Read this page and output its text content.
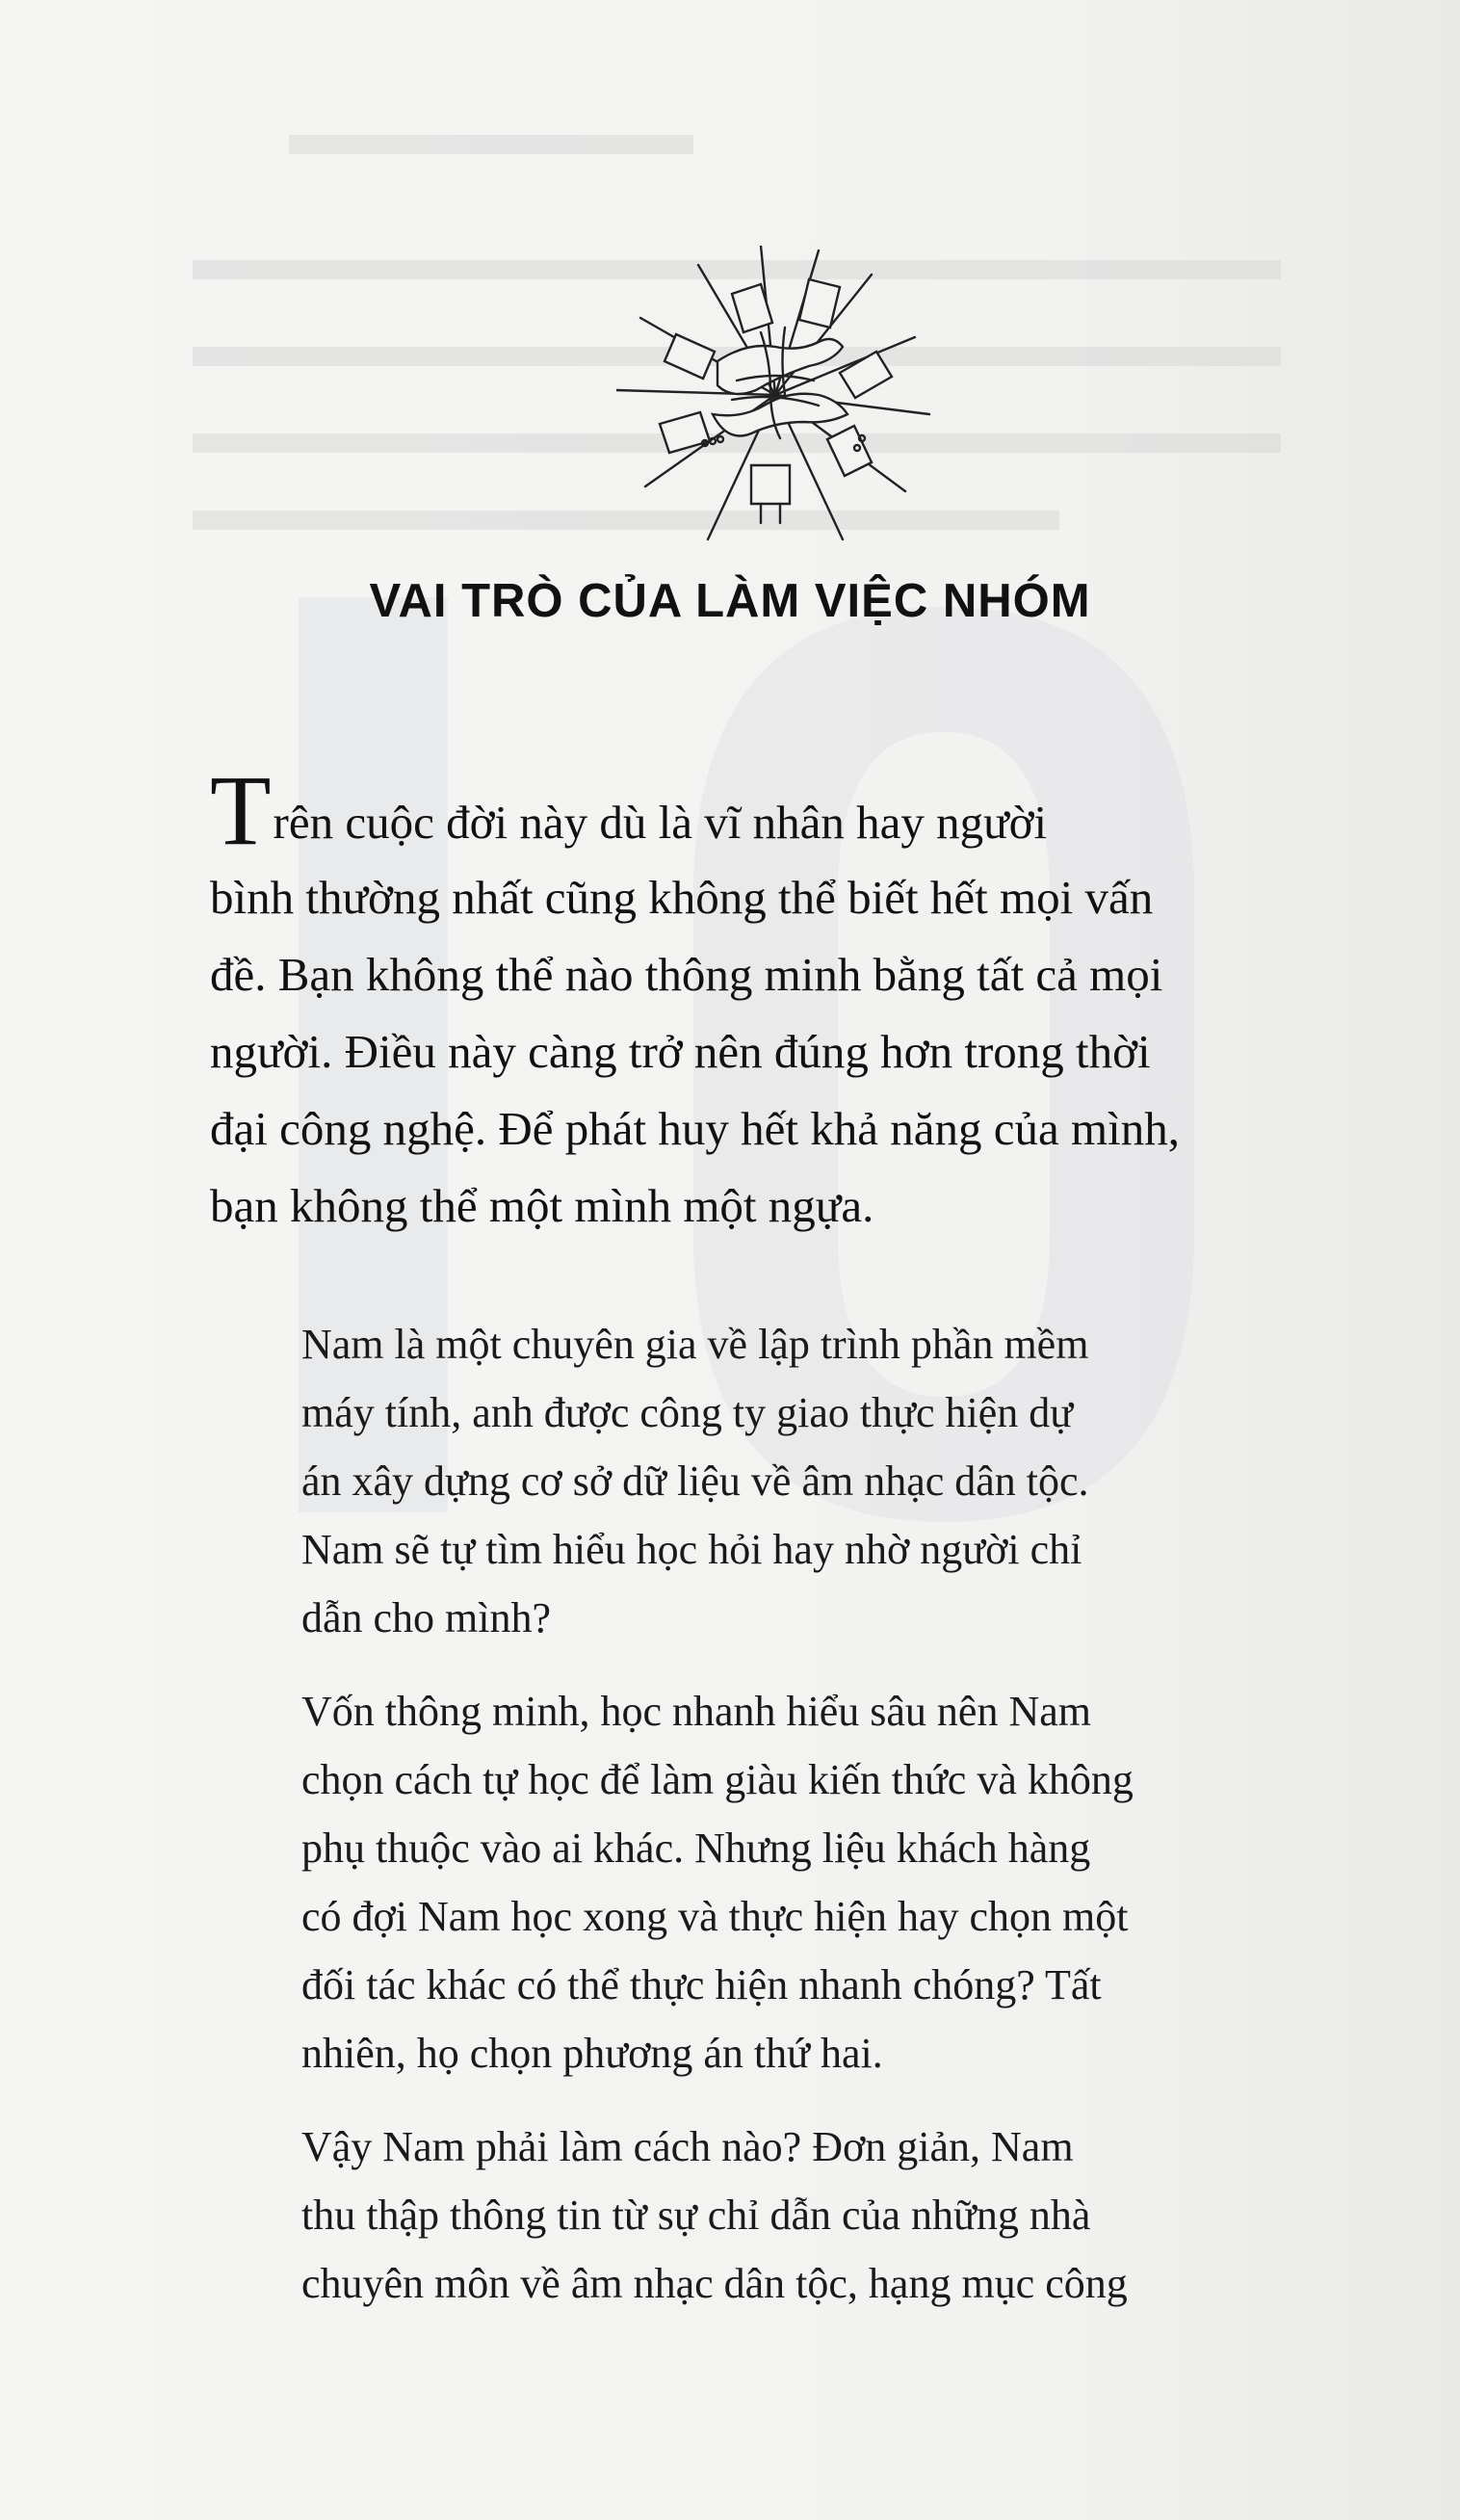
VAI TRÒ CỦA LÀM VIỆC NHÓM
Trên cuộc đời này dù là vĩ nhân hay người
bình thường nhất cũng không thể biết hết mọi vấn
đề. Bạn không thể nào thông minh bằng tất cả mọi
người. Điều này càng trở nên đúng hơn trong thời
đại công nghệ. Để phát huy hết khả năng của mình,
bạn không thể một mình một ngựa.
Nam là một chuyên gia về lập trình phần mềm
máy tính, anh được công ty giao thực hiện dự
án xây dựng cơ sở dữ liệu về âm nhạc dân tộc.
Nam sẽ tự tìm hiểu học hỏi hay nhờ người chỉ
dẫn cho mình?
Vốn thông minh, học nhanh hiểu sâu nên Nam
chọn cách tự học để làm giàu kiến thức và không
phụ thuộc vào ai khác. Nhưng liệu khách hàng
có đợi Nam học xong và thực hiện hay chọn một
đối tác khác có thể thực hiện nhanh chóng? Tất
nhiên, họ chọn phương án thứ hai.
Vậy Nam phải làm cách nào? Đơn giản, Nam
thu thập thông tin từ sự chỉ dẫn của những nhà
chuyên môn về âm nhạc dân tộc, hạng mục công
